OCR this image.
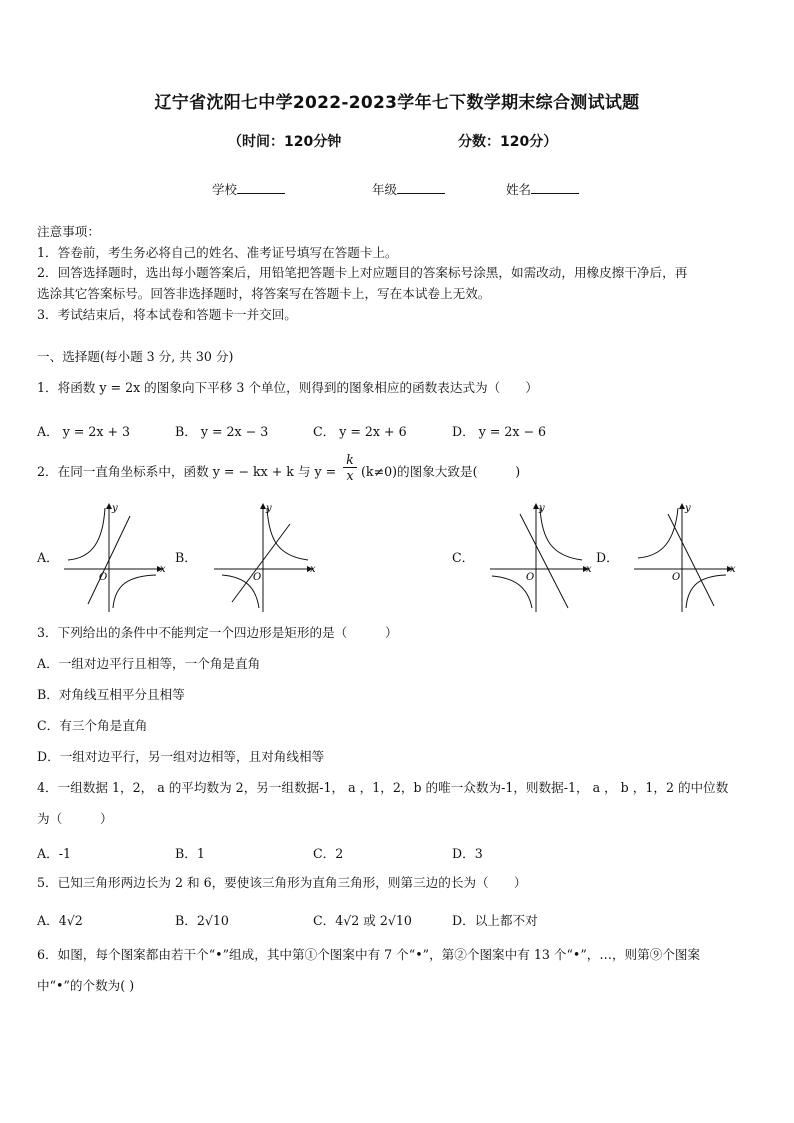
辽宁省沈阳七中学2022-2023学年七下数学期末综合测试试题
（时间：120分钟	分数：120分）
学校	年级	姓名
注意事项：
1．答卷前，考生务必将自己的姓名、准考证号填写在答题卡上。
2．回答选择题时，选出每小题答案后，用铅笔把答题卡上对应题目的答案标号涂黑，如需改动，用橡皮擦干净后，再
选涂其它答案标号。回答非选择题时，将答案写在答题卡上，写在本试卷上无效。
3．考试结束后，将本试卷和答题卡一并交回。
一、选择题(每小题 3 分, 共 30 分)
1．将函数 y = 2x 的图象向下平移 3 个单位，则得到的图象相应的函数表达式为（　　）
A． y = 2x + 3	B． y = 2x − 3	C． y = 2x + 6	D． y = 2x − 6
2．在同一直角坐标系中，函数 y = − kx + k 与 y =
k
x (k≠0)的图象大致是(　　　)
A．	B．	C．	D．
x
y
O
x
y
O
x
y
O
x
y
O
3．下列给出的条件中不能判定一个四边形是矩形的是（　　　）
A．一组对边平行且相等，一个角是直角
B．对角线互相平分且相等
C．有三个角是直角
D．一组对边平行，另一组对边相等，且对角线相等
4．一组数据 1，2， a 的平均数为 2，另一组数据-1， a ，1，2，b 的唯一众数为-1，则数据-1， a ， b ，1，2 的中位数
为（　　　）
A．-1	B．1	C．2	D．3
5．已知三角形两边长为 2 和 6，要使该三角形为直角三角形，则第三边的长为（　　）
A．4√2	B．2√10	C．4√2 或 2√10	D．以上都不对
6．如图，每个图案都由若干个“•”组成，其中第①个图案中有 7 个“•”，第②个图案中有 13 个“•”，…，则第⑨个图案
中“•”的个数为( )
